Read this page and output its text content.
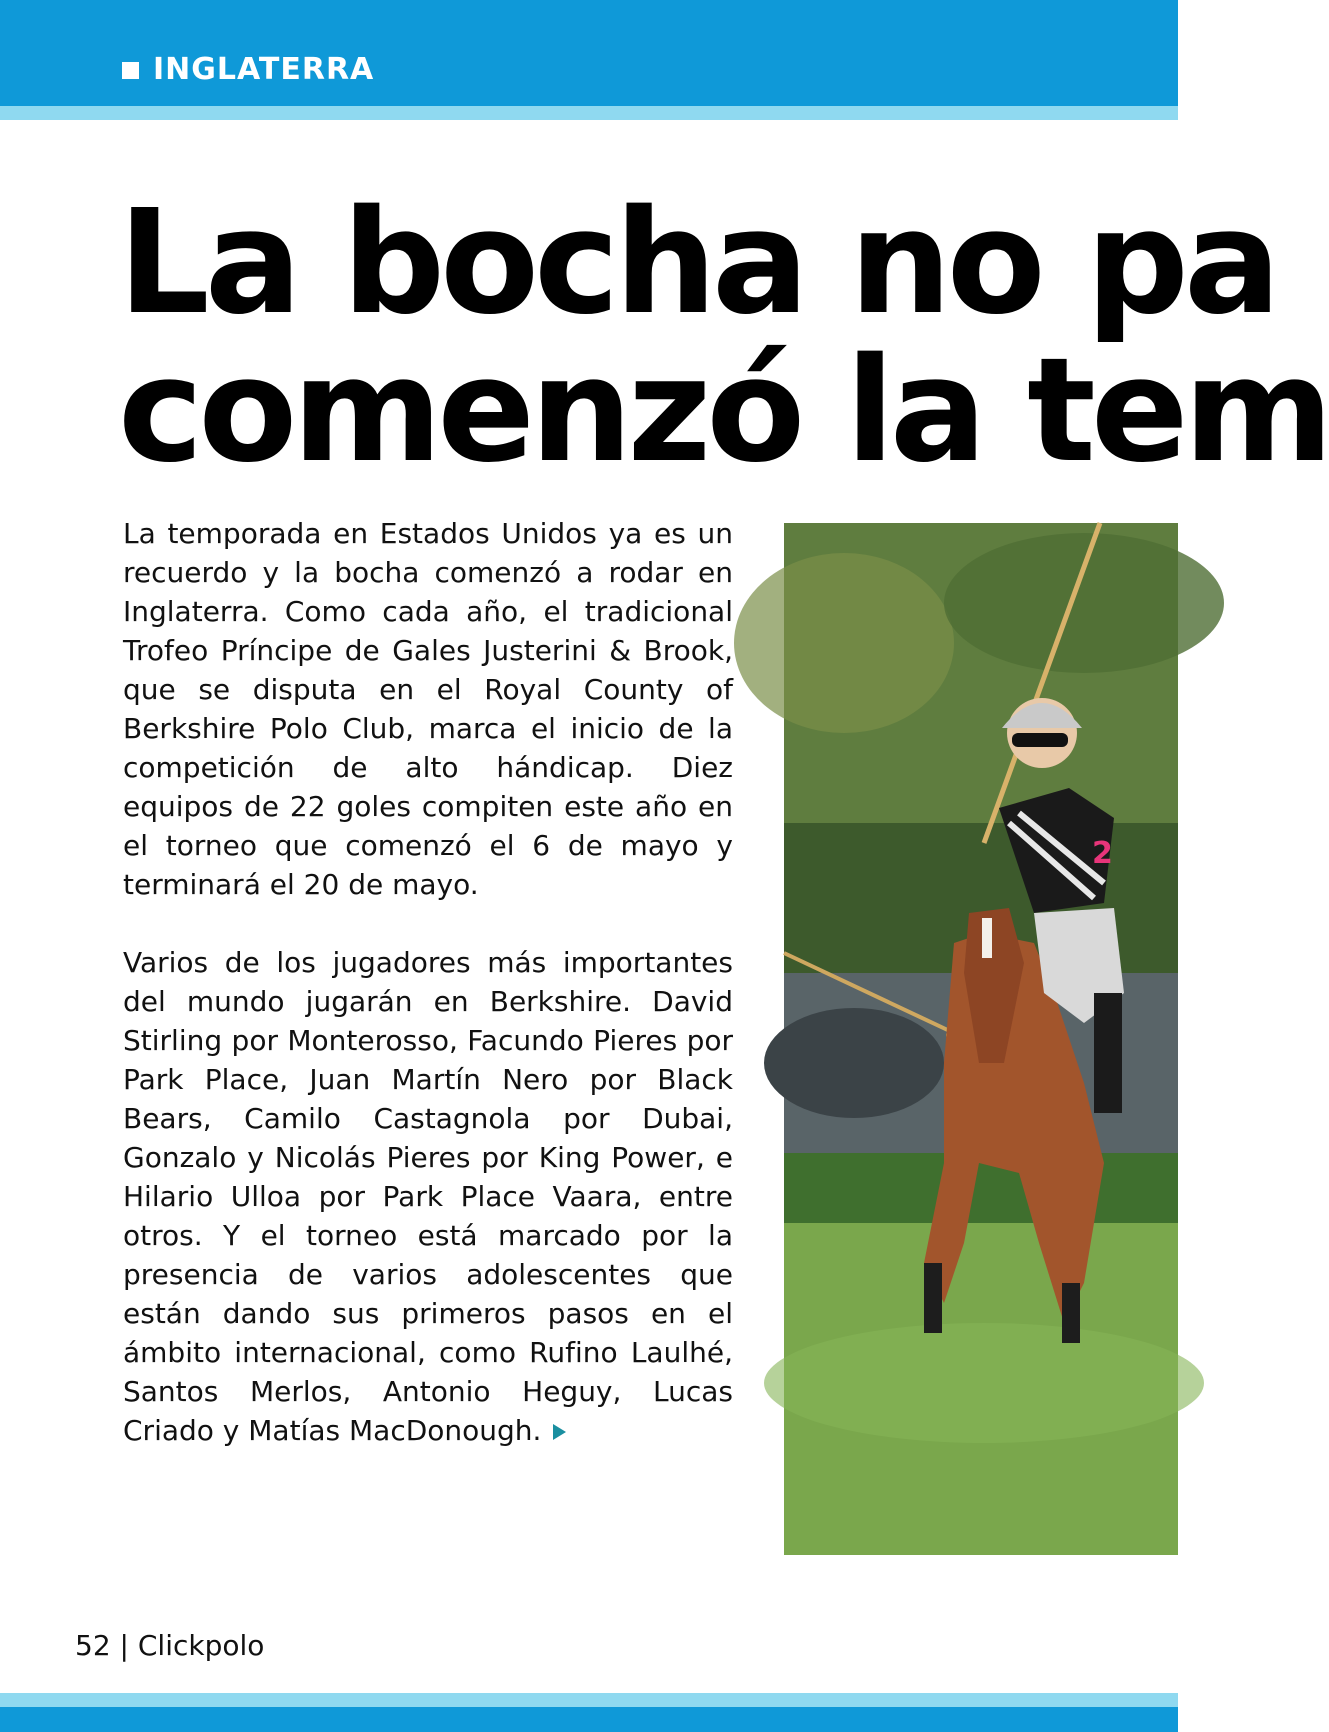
INGLATERRA
La bocha no pa
comenzó la tem

La temporada en Estados Unidos ya es un recuerdo y la bocha comenzó a rodar en Inglaterra. Como cada año, el tradicional Trofeo Príncipe de Gales Justerini & Brook, que se disputa en el Royal County of Berkshire Polo Club, marca el inicio de la competición de alto hándicap. Diez equipos de 22 goles compiten este año en el torneo que comenzó el 6 de mayo y terminará el 20 de mayo.

Varios de los jugadores más importantes del mundo jugarán en Berkshire. David Stirling por Monterosso, Facundo Pieres por Park Place, Juan Martín Nero por Black Bears, Camilo Castagnola por Dubai, Gonzalo y Nicolás Pieres por King Power, e Hilario Ulloa por Park Place Vaara, entre otros. Y el torneo está marcado por la presencia de varios adolescentes que están dando sus primeros pasos en el ámbito internacional, como Rufino Laulhé, Santos Merlos, Antonio Heguy, Lucas Criado y Matías MacDonough.

2
52 | Clickpolo
